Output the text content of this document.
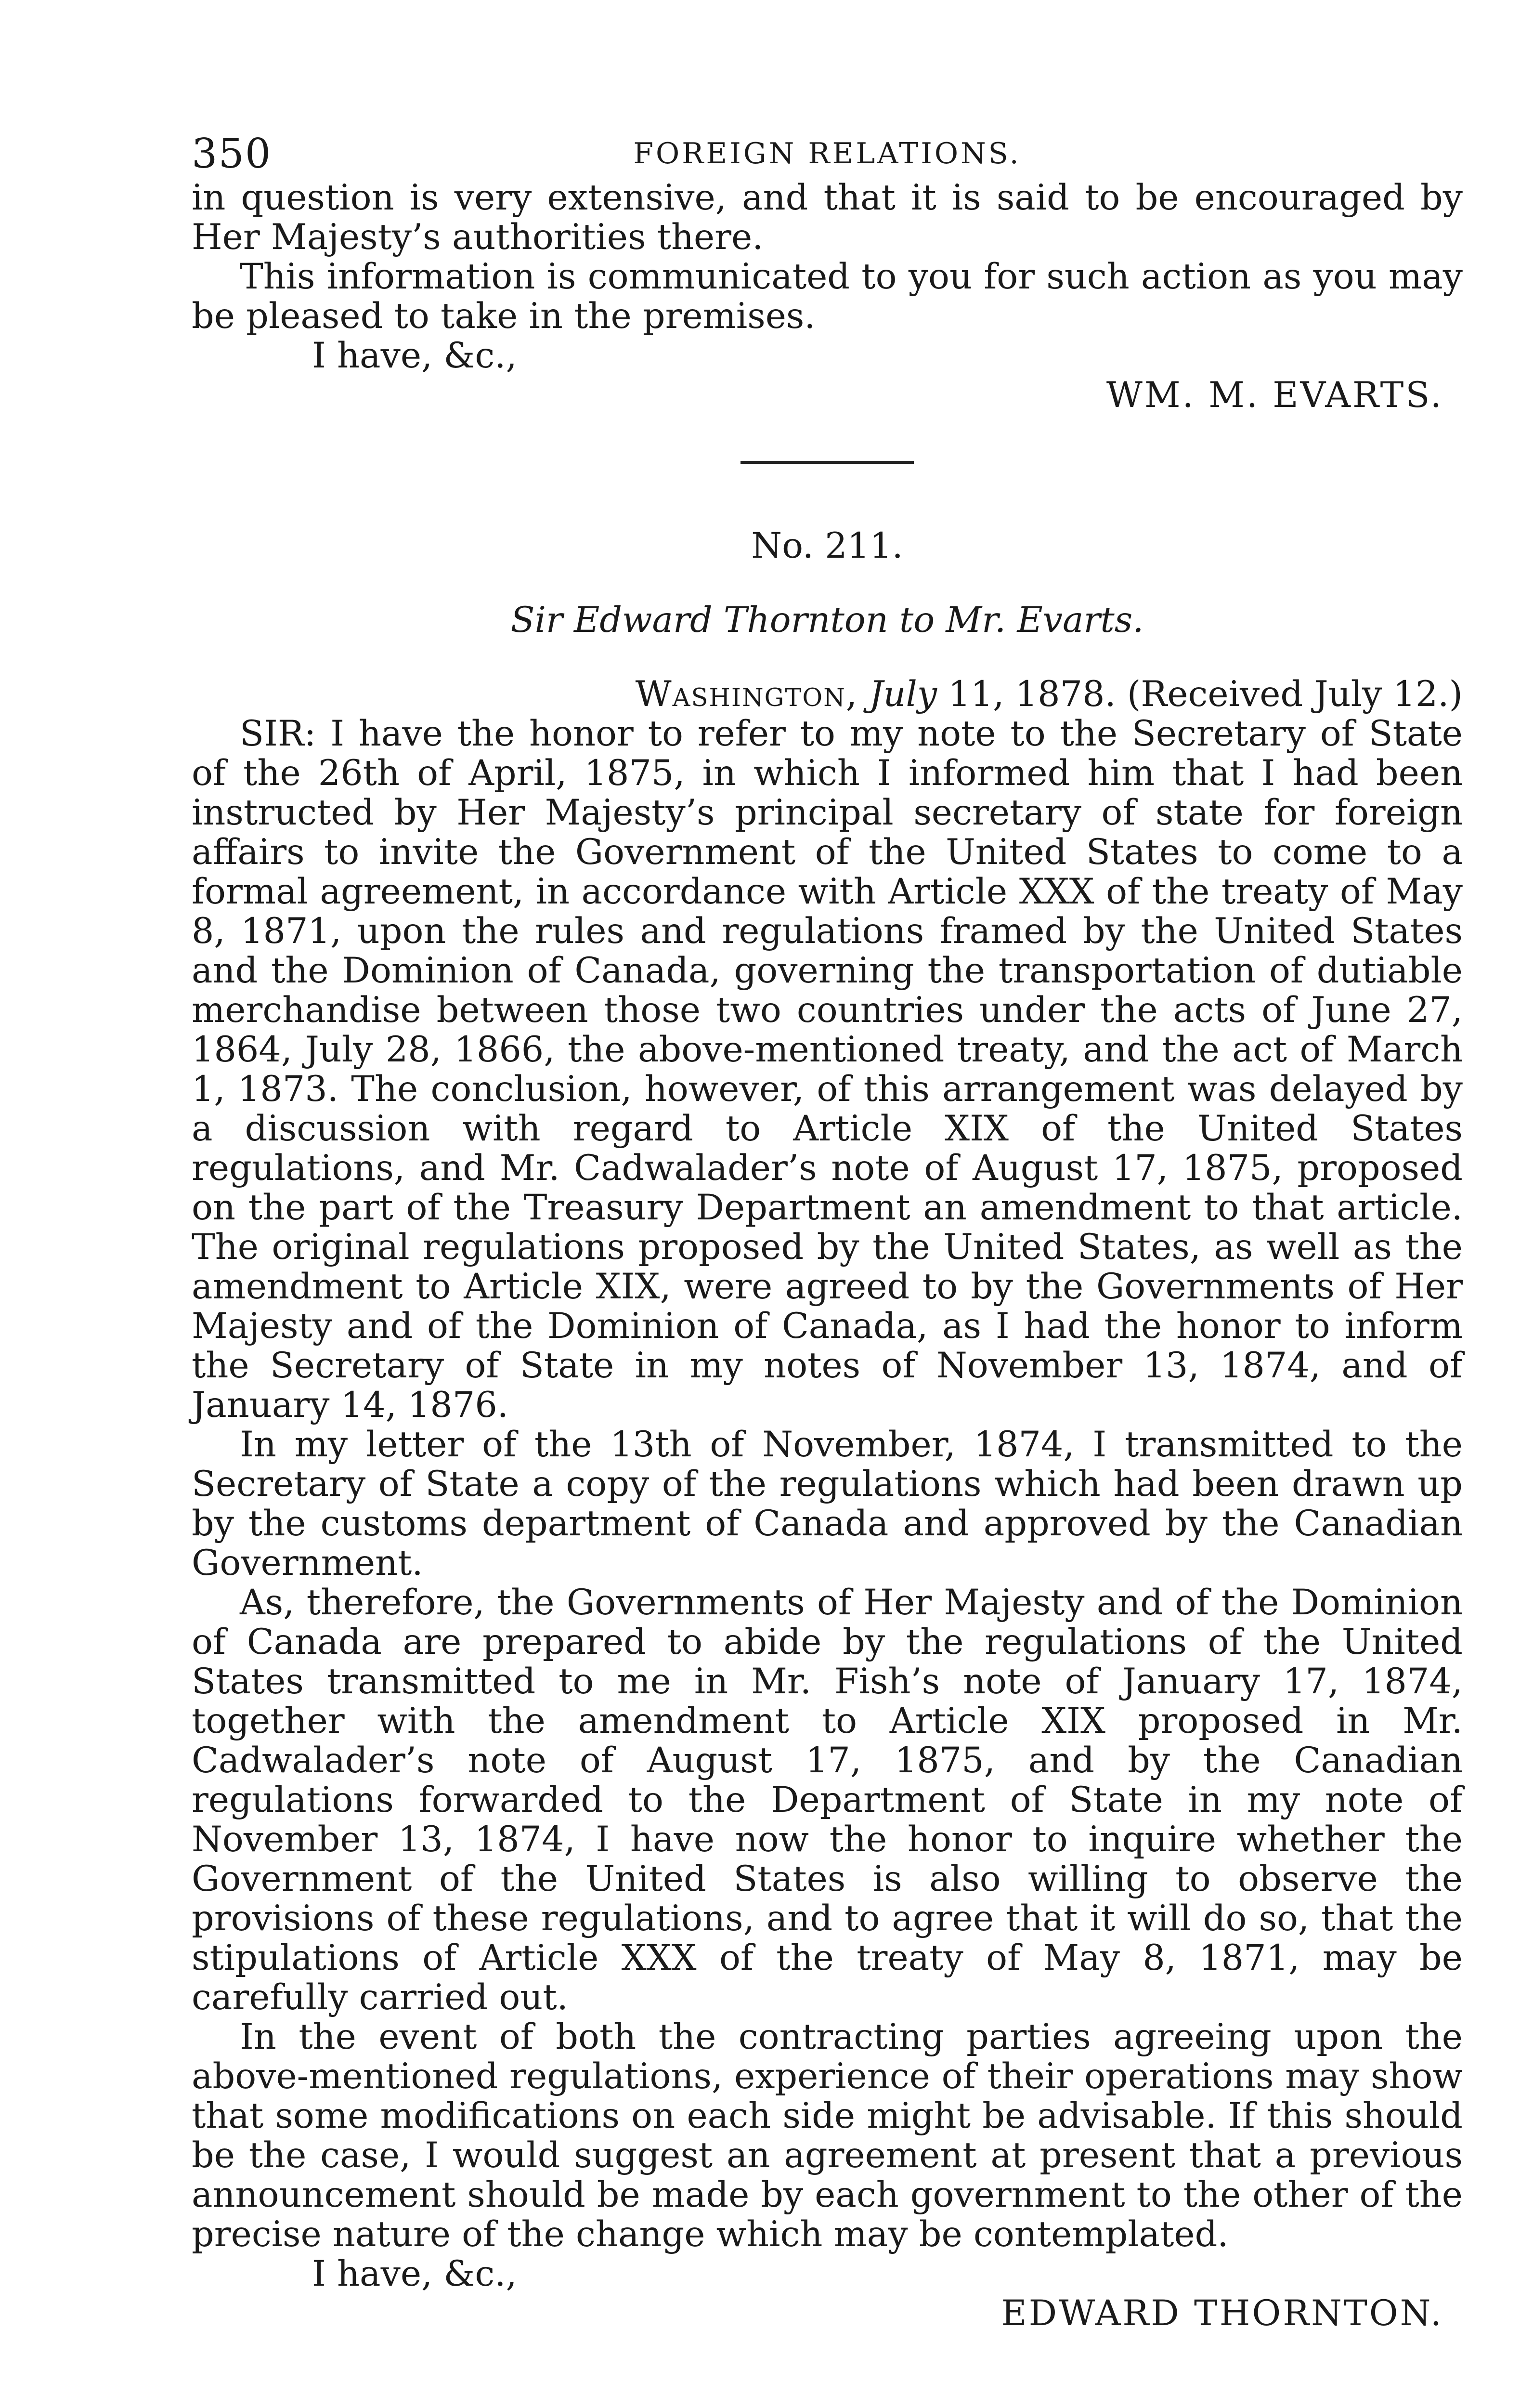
350	FOREIGN RELATIONS.

in question is very extensive, and that it is said to be encouraged by Her Majesty’s authorities there.

This information is communicated to you for such action as you may be pleased to take in the premises.

I have, &c.,
WM. M. EVARTS.
No. 211.
Sir Edward Thornton to Mr. Evarts.
Washington, July 11, 1878. (Received July 12.)

SIR: I have the honor to refer to my note to the Secretary of State of the 26th of April, 1875, in which I informed him that I had been instructed by Her Majesty’s principal secretary of state for foreign affairs to invite the Government of the United States to come to a formal agreement, in accordance with Article XXX of the treaty of May 8, 1871, upon the rules and regulations framed by the United States and the Dominion of Canada, governing the transportation of dutiable merchandise between those two countries under the acts of June 27, 1864, July 28, 1866, the above-mentioned treaty, and the act of March 1, 1873. The conclusion, however, of this arrangement was delayed by a discussion with regard to Article XIX of the United States regulations, and Mr. Cadwalader’s note of August 17, 1875, proposed on the part of the Treasury Department an amendment to that article. The original regulations proposed by the United States, as well as the amendment to Article XIX, were agreed to by the Governments of Her Majesty and of the Dominion of Canada, as I had the honor to inform the Secretary of State in my notes of November 13, 1874, and of January 14, 1876.

In my letter of the 13th of November, 1874, I transmitted to the Secretary of State a copy of the regulations which had been drawn up by the customs department of Canada and approved by the Canadian Government.

As, therefore, the Governments of Her Majesty and of the Dominion of Canada are prepared to abide by the regulations of the United States transmitted to me in Mr. Fish’s note of January 17, 1874, together with the amendment to Article XIX proposed in Mr. Cadwalader’s note of August 17, 1875, and by the Canadian regulations forwarded to the Department of State in my note of November 13, 1874, I have now the honor to inquire whether the Government of the United States is also willing to observe the provisions of these regulations, and to agree that it will do so, that the stipulations of Article XXX of the treaty of May 8, 1871, may be carefully carried out.

In the event of both the contracting parties agreeing upon the above-mentioned regulations, experience of their operations may show that some modifications on each side might be advisable. If this should be the case, I would suggest an agreement at present that a previous announcement should be made by each government to the other of the precise nature of the change which may be contemplated.

I have, &c.,
EDWARD THORNTON.
